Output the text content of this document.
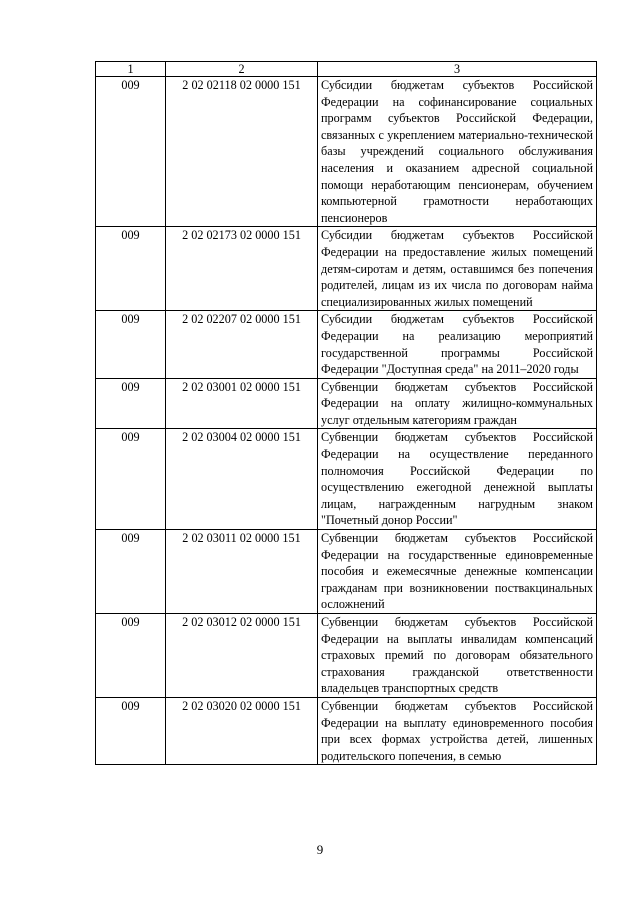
1	2	3
009	2 02 02118 02 0000 151	Субсидии бюджетам субъектов Российской Федерации на софинансирование социальных программ субъектов Российской Федерации, связанных с укреплением материально-технической базы учреждений социального обслуживания населения и оказанием адресной социальной помощи неработающим пенсионерам, обучением компьютерной грамотности неработающих пенсионеров
009	2 02 02173 02 0000 151	Субсидии бюджетам субъектов Российской Федерации на предоставление жилых помещений детям-сиротам и детям, оставшимся без попечения родителей, лицам из их числа по договорам найма специализированных жилых помещений
009	2 02 02207 02 0000 151	Субсидии бюджетам субъектов Российской Федерации на реализацию мероприятий государственной программы Российской Федерации "Доступная среда" на 2011–2020 годы
009	2 02 03001 02 0000 151	Субвенции бюджетам субъектов Российской Федерации на оплату жилищно-коммунальных услуг отдельным категориям граждан
009	2 02 03004 02 0000 151	Субвенции бюджетам субъектов Российской Федерации на осуществление переданного полномочия Российской Федерации по осуществлению ежегодной денежной выплаты лицам, награжденным нагрудным знаком "Почетный донор России"
009	2 02 03011 02 0000 151	Субвенции бюджетам субъектов Российской Федерации на государственные единовременные пособия и ежемесячные денежные компенсации гражданам при возникновении поствакцинальных осложнений
009	2 02 03012 02 0000 151	Субвенции бюджетам субъектов Российской Федерации на выплаты инвалидам компенсаций страховых премий по договорам обязательного страхования гражданской ответственности владельцев транспортных средств
009	2 02 03020 02 0000 151	Субвенции бюджетам субъектов Российской Федерации на выплату единовременного пособия при всех формах устройства детей, лишенных родительского попечения, в семью
9
